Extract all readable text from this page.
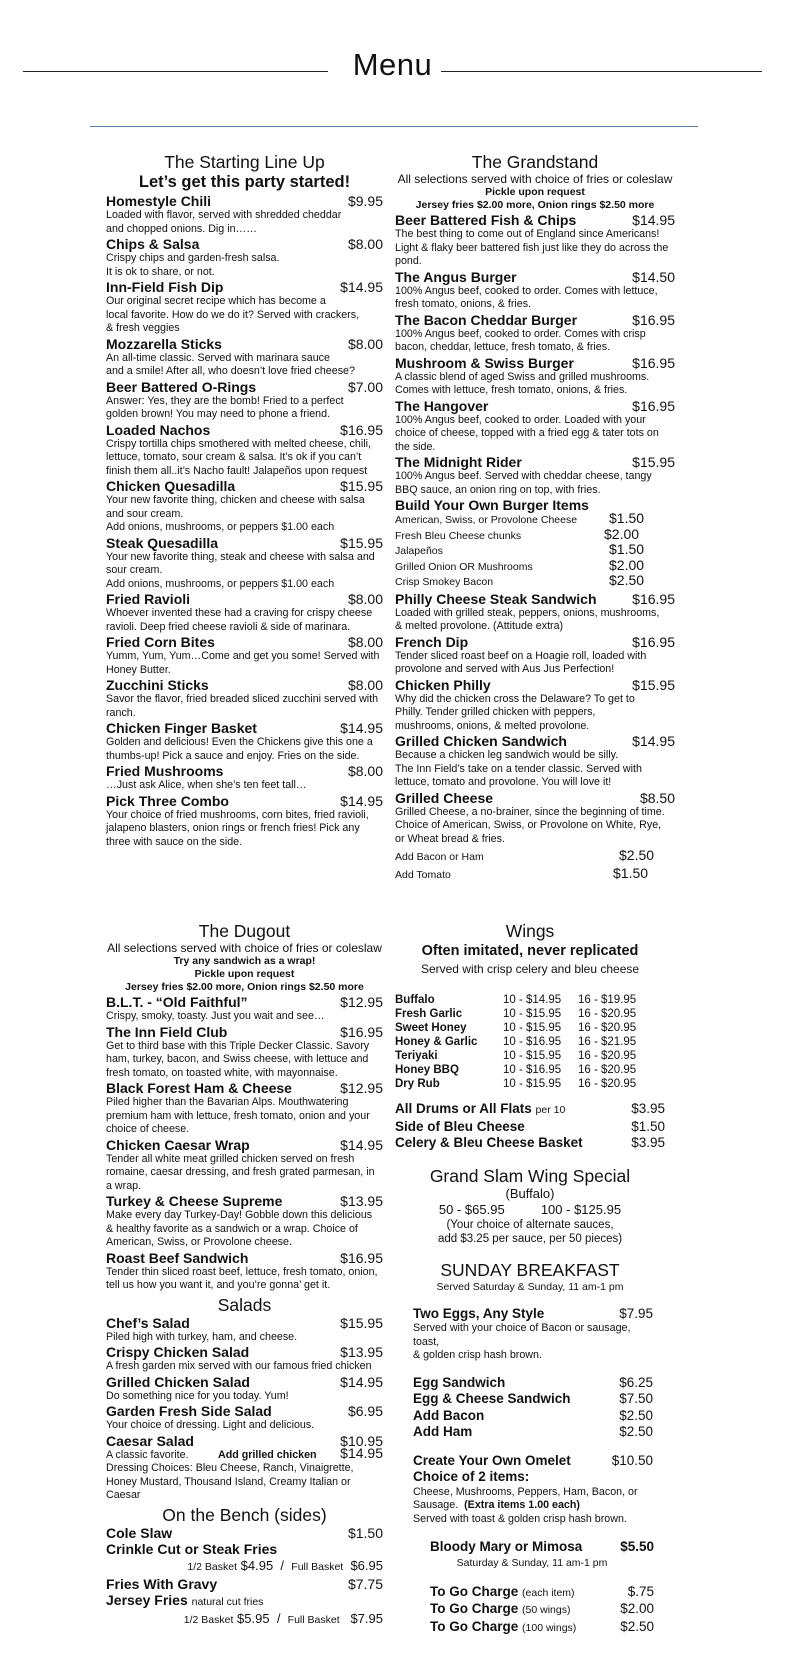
Menu
The Starting Line Up
Let’s get this party started!
Homestyle Chili	$9.95
Loaded with flavor, served with shredded cheddar
and chopped onions. Dig in……
Chips & Salsa	$8.00
Crispy chips and garden-fresh salsa.
It is ok to share, or not.
Inn-Field Fish Dip	$14.95
Our original secret recipe which has become a
local favorite. How do we do it? Served with crackers,
& fresh veggies
Mozzarella Sticks	$8.00
An all-time classic. Served with marinara sauce
and a smile! After all, who doesn’t love fried cheese?
Beer Battered O-Rings	$7.00
Answer: Yes, they are the bomb! Fried to a perfect
golden brown! You may need to phone a friend.
Loaded Nachos	$16.95
Crispy tortilla chips smothered with melted cheese, chili,
lettuce, tomato, sour cream & salsa. It’s ok if you can’t
finish them all..it’s Nacho fault! Jalapeños upon request
Chicken Quesadilla	$15.95
Your new favorite thing, chicken and cheese with salsa
and sour cream.
Add onions, mushrooms, or peppers $1.00 each
Steak Quesadilla	$15.95
Your new favorite thing, steak and cheese with salsa and
sour cream.
Add onions, mushrooms, or peppers $1.00 each
Fried Ravioli	$8.00
Whoever invented these had a craving for crispy cheese
ravioli. Deep fried cheese ravioli & side of marinara.
Fried Corn Bites	$8.00
Yumm, Yum, Yum…Come and get you some! Served with
Honey Butter.
Zucchini Sticks	$8.00
Savor the flavor, fried breaded sliced zucchini served with
ranch.
Chicken Finger Basket	$14.95
Golden and delicious! Even the Chickens give this one a
thumbs-up! Pick a sauce and enjoy. Fries on the side.
Fried Mushrooms	$8.00
…Just ask Alice, when she’s ten feet tall…
Pick Three Combo	$14.95
Your choice of fried mushrooms, corn bites, fried ravioli,
jalapeno blasters, onion rings or french fries! Pick any
three with sauce on the side.
The Grandstand
All selections served with choice of fries or coleslaw
Pickle upon request
Jersey fries $2.00 more, Onion rings $2.50 more
Beer Battered Fish & Chips	$14.95
The best thing to come out of England since Americans!
Light & flaky beer battered fish just like they do across the
pond.
The Angus Burger	$14.50
100% Angus beef, cooked to order. Comes with lettuce,
fresh tomato, onions, & fries.
The Bacon Cheddar Burger	$16.95
100% Angus beef, cooked to order. Comes with crisp
bacon, cheddar, lettuce, fresh tomato, & fries.
Mushroom & Swiss Burger	$16.95
A classic blend of aged Swiss and grilled mushrooms.
Comes with lettuce, fresh tomato, onions, & fries.
The Hangover	$16.95
100% Angus beef, cooked to order. Loaded with your
choice of cheese, topped with a fried egg & tater tots on
the side.
The Midnight Rider	$15.95
100% Angus beef. Served with cheddar cheese, tangy
BBQ sauce, an onion ring on top, with fries.
Build Your Own Burger Items
American, Swiss, or Provolone Cheese $1.50
Fresh Bleu Cheese chunks	$2.00
Jalapeños	$1.50
Grilled Onion OR Mushrooms	$2.00
Crisp Smokey Bacon	$2.50
Philly Cheese Steak Sandwich	$16.95
Loaded with grilled steak, peppers, onions, mushrooms,
& melted provolone. (Attitude extra)
French Dip	$16.95
Tender sliced roast beef on a Hoagie roll, loaded with
provolone and served with Aus Jus Perfection!
Chicken Philly	$15.95
Why did the chicken cross the Delaware? To get to
Philly. Tender grilled chicken with peppers,
mushrooms, onions, & melted provolone.
Grilled Chicken Sandwich	$14.95
Because a chicken leg sandwich would be silly.
The Inn Field’s take on a tender classic. Served with
lettuce, tomato and provolone. You will love it!
Grilled Cheese	$8.50
Grilled Cheese, a no-brainer, since the beginning of time.
Choice of American, Swiss, or Provolone on White, Rye,
or Wheat bread & fries.
Add Bacon or Ham	$2.50
Add Tomato	$1.50
The Dugout
All selections served with choice of fries or coleslaw
Try any sandwich as a wrap!
Pickle upon request
Jersey fries $2.00 more, Onion rings $2.50 more
B.L.T. - “Old Faithful”	$12.95
Crispy, smoky, toasty. Just you wait and see…
The Inn Field Club	$16.95
Get to third base with this Triple Decker Classic. Savory
ham, turkey, bacon, and Swiss cheese, with lettuce and
fresh tomato, on toasted white, with mayonnaise.
Black Forest Ham & Cheese	$12.95
Piled higher than the Bavarian Alps. Mouthwatering
premium ham with lettuce, fresh tomato, onion and your
choice of cheese.
Chicken Caesar Wrap	$14.95
Tender all white meat grilled chicken served on fresh
romaine, caesar dressing, and fresh grated parmesan, in
a wrap.
Turkey & Cheese Supreme	$13.95
Make every day Turkey-Day! Gobble down this delicious
& healthy favorite as a sandwich or a wrap. Choice of
American, Swiss, or Provolone cheese.
Roast Beef Sandwich	$16.95
Tender thin sliced roast beef, lettuce, fresh tomato, onion,
tell us how you want it, and you’re gonna’ get it.
Salads
Chef’s Salad	$15.95
Piled high with turkey, ham, and cheese.
Crispy Chicken Salad	$13.95
A fresh garden mix served with our famous fried chicken
Grilled Chicken Salad	$14.95
Do something nice for you today. Yum!
Garden Fresh Side Salad	$6.95
Your choice of dressing. Light and delicious.
Caesar Salad	$10.95
A classic favorite.	Add grilled chicken $14.95
Dressing Choices: Bleu Cheese, Ranch, Vinaigrette,
Honey Mustard, Thousand Island, Creamy Italian or
Caesar
On the Bench (sides)
Cole Slaw	$1.50
Crinkle Cut or Steak Fries
1/2 Basket $4.95 / Full Basket $6.95
Fries With Gravy	$7.75
Jersey Fries natural cut fries
1/2 Basket $5.95 / Full Basket $7.95
Wings
Often imitated, never replicated
Served with crisp celery and bleu cheese
Buffalo	10 - $14.95 16 - $19.95
Fresh Garlic	10 - $15.95 16 - $20.95
Sweet Honey	10 - $15.95 16 - $20.95
Honey & Garlic 10 - $16.95 16 - $21.95
Teriyaki	10 - $15.95 16 - $20.95
Honey BBQ	10 - $16.95 16 - $20.95
Dry Rub	10 - $15.95 16 - $20.95
All Drums or All Flats per 10	$3.95
Side of Bleu Cheese	$1.50
Celery & Bleu Cheese Basket	$3.95
Grand Slam Wing Special
(Buffalo)
50 - $65.95	100 - $125.95
(Your choice of alternate sauces,
add $3.25 per sauce, per 50 pieces)
SUNDAY BREAKFAST
Served Saturday & Sunday, 11 am-1 pm
Two Eggs, Any Style	$7.95
Served with your choice of Bacon or sausage, toast,
& golden crisp hash brown.
Egg Sandwich	$6.25
Egg & Cheese Sandwich	$7.50
Add Bacon	$2.50
Add Ham	$2.50
Create Your Own Omelet	$10.50
Choice of 2 items:
Cheese, Mushrooms, Peppers, Ham, Bacon, or
Sausage. (Extra items 1.00 each)
Served with toast & golden crisp hash brown.
Bloody Mary or Mimosa	$5.50
Saturday & Sunday, 11 am-1 pm
To Go Charge (each item)	$.75
To Go Charge (50 wings)	$2.00
To Go Charge (100 wings)	$2.50
